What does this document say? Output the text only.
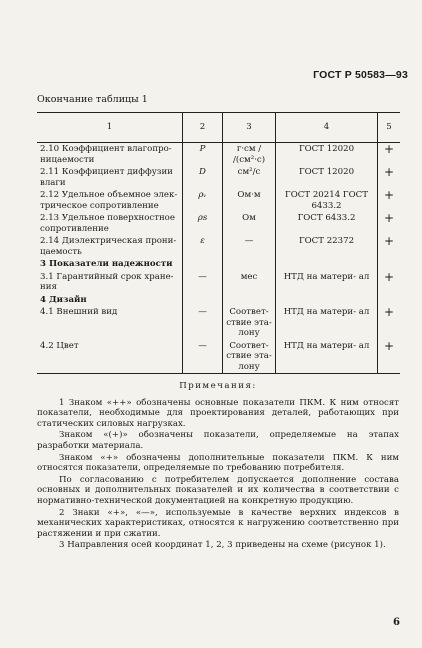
ГОСТ Р 50583—93
Окончание таблицы 1
1	2	3	4	5
2.10 Коэффициент влагопро- ницаемости	P	г·см / /(см²·с)	ГОСТ 12020	+
2.11 Коэффициент диффузии влаги	D	см²/с	ГОСТ 12020	+
2.12 Удельное объемное элек- трическое сопротивление	ρᵥ	Ом·м	ГОСТ 20214 ГОСТ 6433.2	+
2.13 Удельное поверхностное сопротивление	ρs	Ом	ГОСТ 6433.2	+
2.14 Диэлектрическая прони- цаемость	ε	—	ГОСТ 22372	+
3 Показатели надежности				
3.1 Гарантийный срок хране- ния	—	мес	НТД на матери- ал	+
4 Дизайн				
4.1 Внешний вид	—	Соответ- ствие эта- лону	НТД на матери- ал	+
4.2 Цвет	—	Соответ- ствие эта- лону	НТД на матери- ал	+
Примечания:

1 Знаком «++» обозначены основные показатели ПКМ. К ним относят показатели, необходимые для проектирования деталей, работающих при статических силовых нагрузках.

Знаком «(+)» обозначены показатели, определяемые на этапах разработки материала.

Знаком «+» обозначены дополнительные показатели ПКМ. К ним относятся показатели, определяемые по требованию потребителя.

По согласованию с потребителем допускается дополнение состава основных и дополнительных показателей и их количества в соответствии с нормативно-технической документацией на конкретную продукцию.

2 Знаки «+», «—», используемые в качестве верхних индексов в механических характеристиках, относятся к нагружению соответственно при растяжении и при сжатии.

3 Направления осей координат 1, 2, 3 приведены на схеме (рисунок 1).

6
